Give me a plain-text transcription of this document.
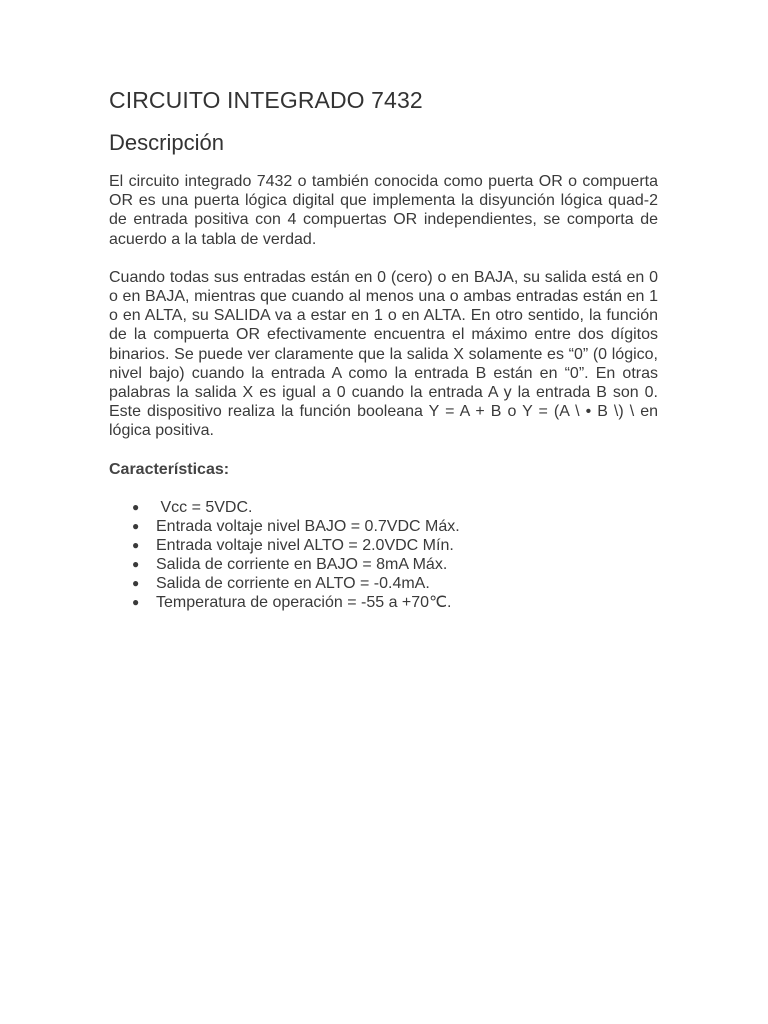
CIRCUITO INTEGRADO 7432
Descripción

El circuito integrado 7432 o también conocida como puerta OR o compuerta OR es una puerta lógica digital que implementa la disyunción lógica quad-2 de entrada positiva con 4 compuertas OR independientes, se comporta de acuerdo a la tabla de verdad.

Cuando todas sus entradas están en 0 (cero) o en BAJA, su salida está en 0 o en BAJA, mientras que cuando al menos una o ambas entradas están en 1 o en ALTA, su SALIDA va a estar en 1 o en ALTA. En otro sentido, la función de la compuerta OR efectivamente encuentra el máximo entre dos dígitos binarios. Se puede ver claramente que la salida X solamente es “0” (0 lógico, nivel bajo) cuando la entrada A como la entrada B están en “0”. En otras palabras la salida X es igual a 0 cuando la entrada A y la entrada B son 0. Este dispositivo realiza la función booleana Y = A + B o Y = (A \ • B \) \ en lógica positiva.

Características:
● Vcc = 5VDC.
● Entrada voltaje nivel BAJO = 0.7VDC Máx.
● Entrada voltaje nivel ALTO = 2.0VDC Mín.
● Salida de corriente en BAJO = 8mA Máx.
● Salida de corriente en ALTO = -0.4mA.
● Temperatura de operación = -55 a +70℃.
